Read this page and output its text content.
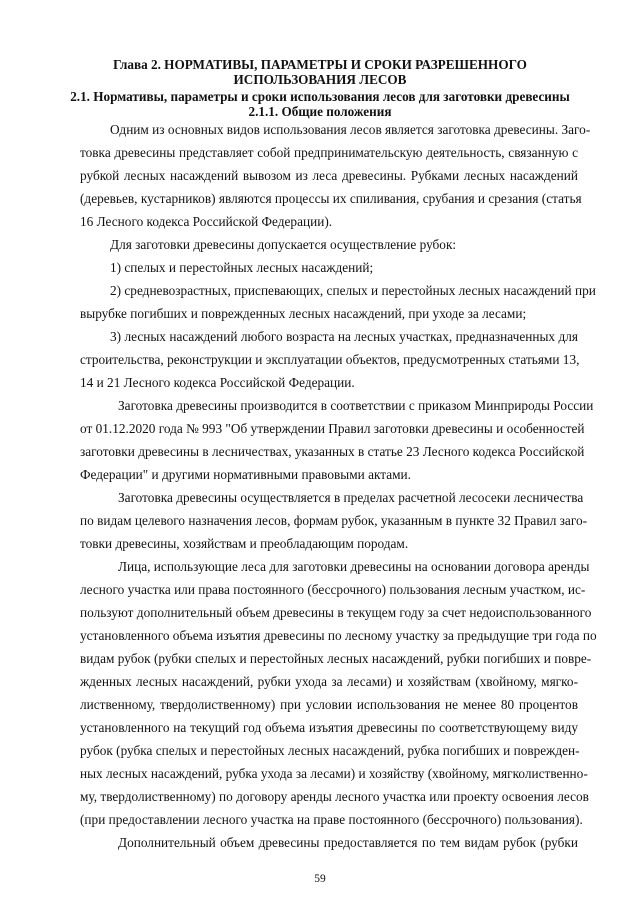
Глава 2. НОРМАТИВЫ, ПАРАМЕТРЫ И СРОКИ РАЗРЕШЕННОГО ИСПОЛЬЗОВАНИЯ ЛЕСОВ
2.1. Нормативы, параметры и сроки использования лесов для заготовки древесины
2.1.1. Общие положения
Одним из основных видов использования лесов является заготовка древесины. Заго-
товка древесины представляет собой предпринимательскую деятельность, связанную с
рубкой лесных насаждений вывозом из леса древесины. Рубками лесных насаждений
(деревьев, кустарников) являются процессы их спиливания, срубания и срезания (статья
16 Лесного кодекса Российской Федерации).
Для заготовки древесины допускается осуществление рубок:
1) спелых и перестойных лесных насаждений;
2) средневозрастных, приспевающих, спелых и перестойных лесных насаждений при
вырубке погибших и поврежденных лесных насаждений, при уходе за лесами;
3) лесных насаждений любого возраста на лесных участках, предназначенных для
строительства, реконструкции и эксплуатации объектов, предусмотренных статьями 13,
14 и 21 Лесного кодекса Российской Федерации.
Заготовка древесины производится в соответствии с приказом Минприроды России
от 01.12.2020 года № 993 "Об утверждении Правил заготовки древесины и особенностей
заготовки древесины в лесничествах, указанных в статье 23 Лесного кодекса Российской
Федерации" и другими нормативными правовыми актами.
Заготовка древесины осуществляется в пределах расчетной лесосеки лесничества
по видам целевого назначения лесов, формам рубок, указанным в пункте 32 Правил заго-
товки древесины, хозяйствам и преобладающим породам.
Лица, использующие леса для заготовки древесины на основании договора аренды
лесного участка или права постоянного (бессрочного) пользования лесным участком, ис-
пользуют дополнительный объем древесины в текущем году за счет недоиспользованного
установленного объема изъятия древесины по лесному участку за предыдущие три года по
видам рубок (рубки спелых и перестойных лесных насаждений, рубки погибших и повре-
жденных лесных насаждений, рубки ухода за лесами) и хозяйствам (хвойному, мягко-
лиственному, твердолиственному) при условии использования не менее 80 процентов
установленного на текущий год объема изъятия древесины по соответствующему виду
рубок (рубка спелых и перестойных лесных насаждений, рубка погибших и поврежден-
ных лесных насаждений, рубка ухода за лесами) и хозяйству (хвойному, мягколиственно-
му, твердолиственному) по договору аренды лесного участка или проекту освоения лесов
(при предоставлении лесного участка на праве постоянного (бессрочного) пользования).
Дополнительный объем древесины предоставляется по тем видам рубок (рубки
59
